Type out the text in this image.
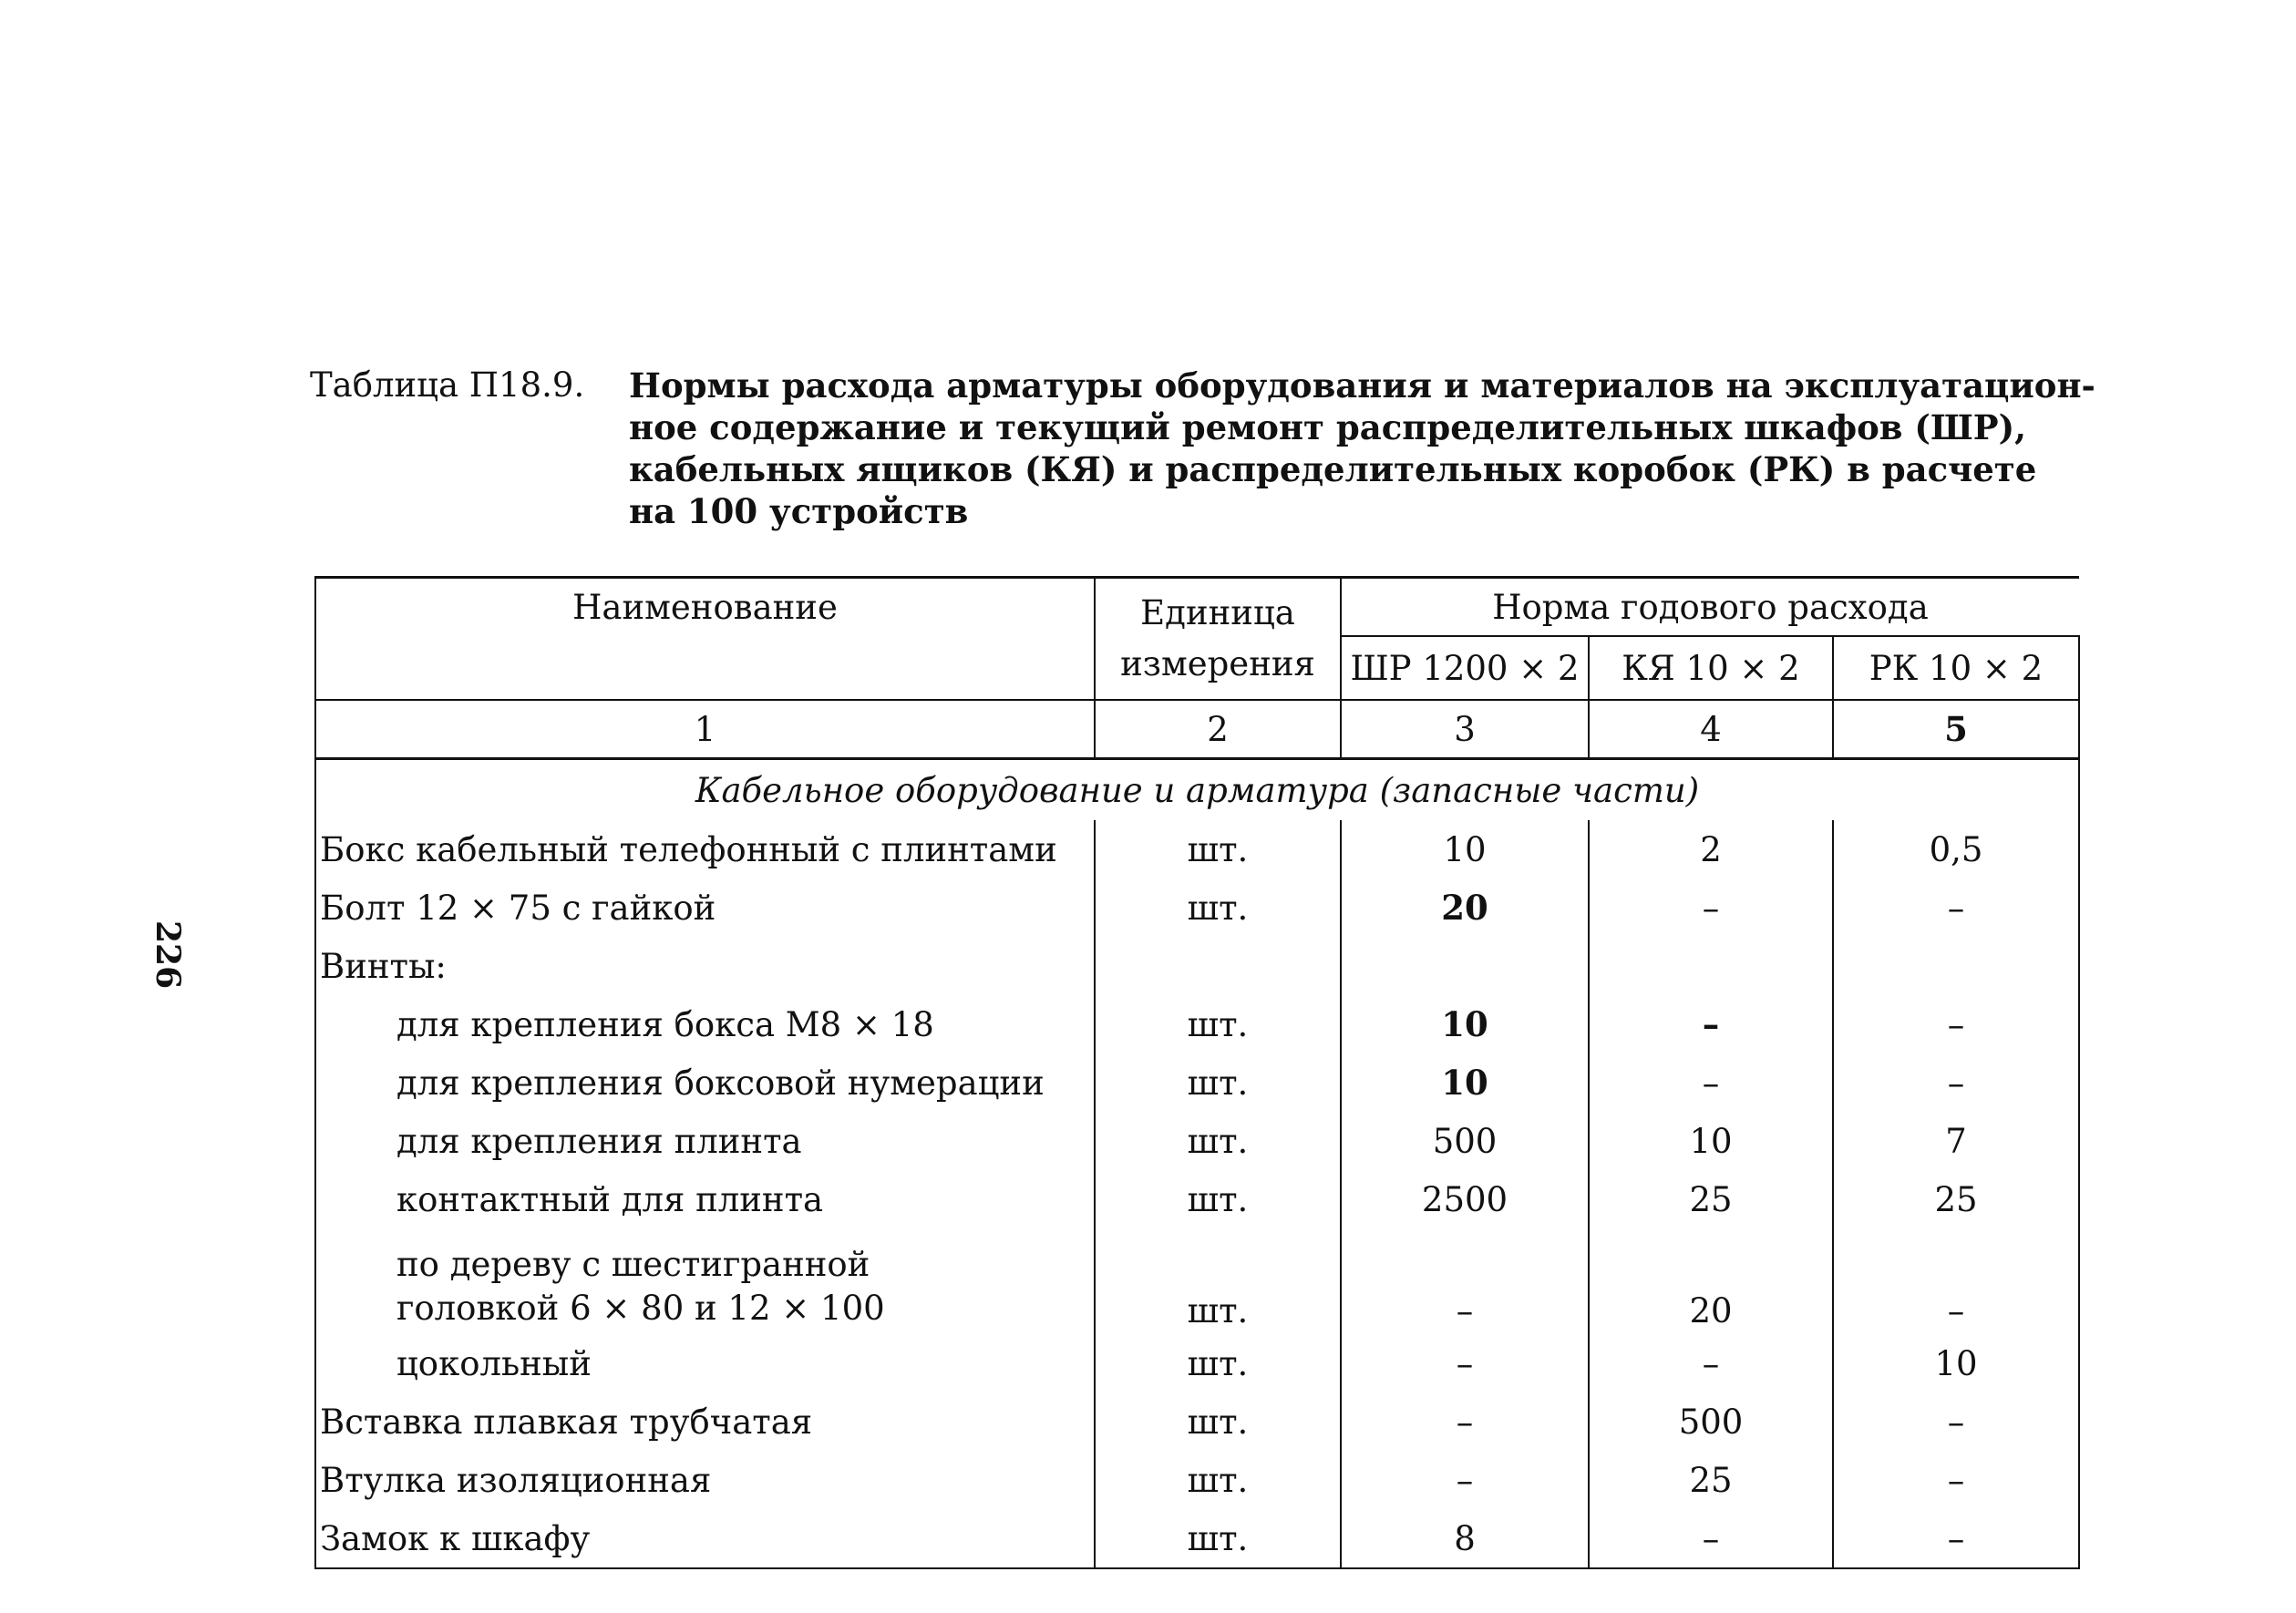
226
Таблица П18.9. Нормы расхода арматуры оборудования и материалов на эксплуатацион-
ное содержание и текущий ремонт распределительных шкафов (ШР),
кабельных ящиков (КЯ) и распределительных коробок (РК) в расчете
на 100 устройств
Наименование	Единица измерения	Норма годового расхода		
		ШР 1200 × 2	КЯ 10 × 2	РК 10 × 2
1	2	3	4	5
Кабельное оборудование и арматура (запасные части)				
Бокс кабельный телефонный с плинтами	шт.	10	2	0,5
Болт 12 × 75 с гайкой	шт.	20	–	–
Винты:				
для крепления бокса М8 × 18	шт.	10	–	–
для крепления боксовой нумерации	шт.	10	–	–
для крепления плинта	шт.	500	10	7
контактный для плинта	шт.	2500	25	25
по дереву с шестигранной головкой 6 × 80 и 12 × 100	шт.	–	20	–
цокольный	шт.	–	–	10
Вставка плавкая трубчатая	шт.	–	500	–
Втулка изоляционная	шт.	–	25	–
Замок к шкафу	шт.	8	–	–
